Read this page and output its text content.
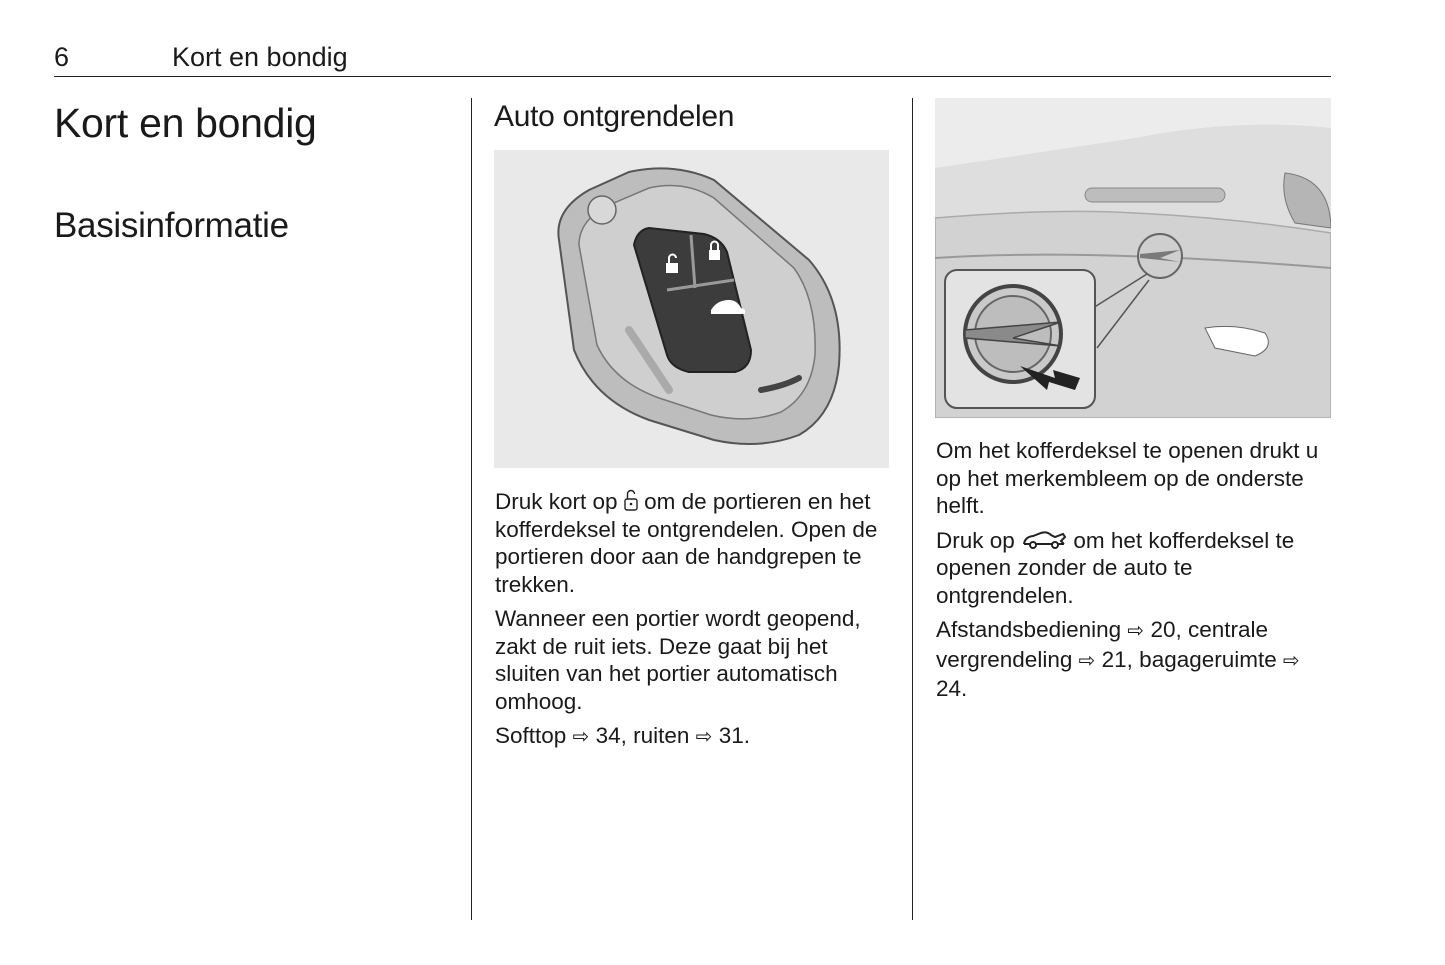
6	Kort en bondig
Kort en bondig
Basisinformatie
Auto ontgrendelen

Druk kort op om de portieren en het kofferdeksel te ontgrendelen. Open de portieren door aan de handgrepen te trekken.

Wanneer een portier wordt geopend, zakt de ruit iets. Deze gaat bij het sluiten van het portier automatisch omhoog.

Softtop ⇨ 34, ruiten ⇨ 31.

Om het kofferdeksel te openen drukt u op het merkembleem op de onderste helft.

Druk op	om het kofferdeksel te openen zonder de auto te ontgrendelen.

Afstandsbediening ⇨ 20, centrale vergrendeling ⇨ 21, bagageruimte ⇨ 24.
